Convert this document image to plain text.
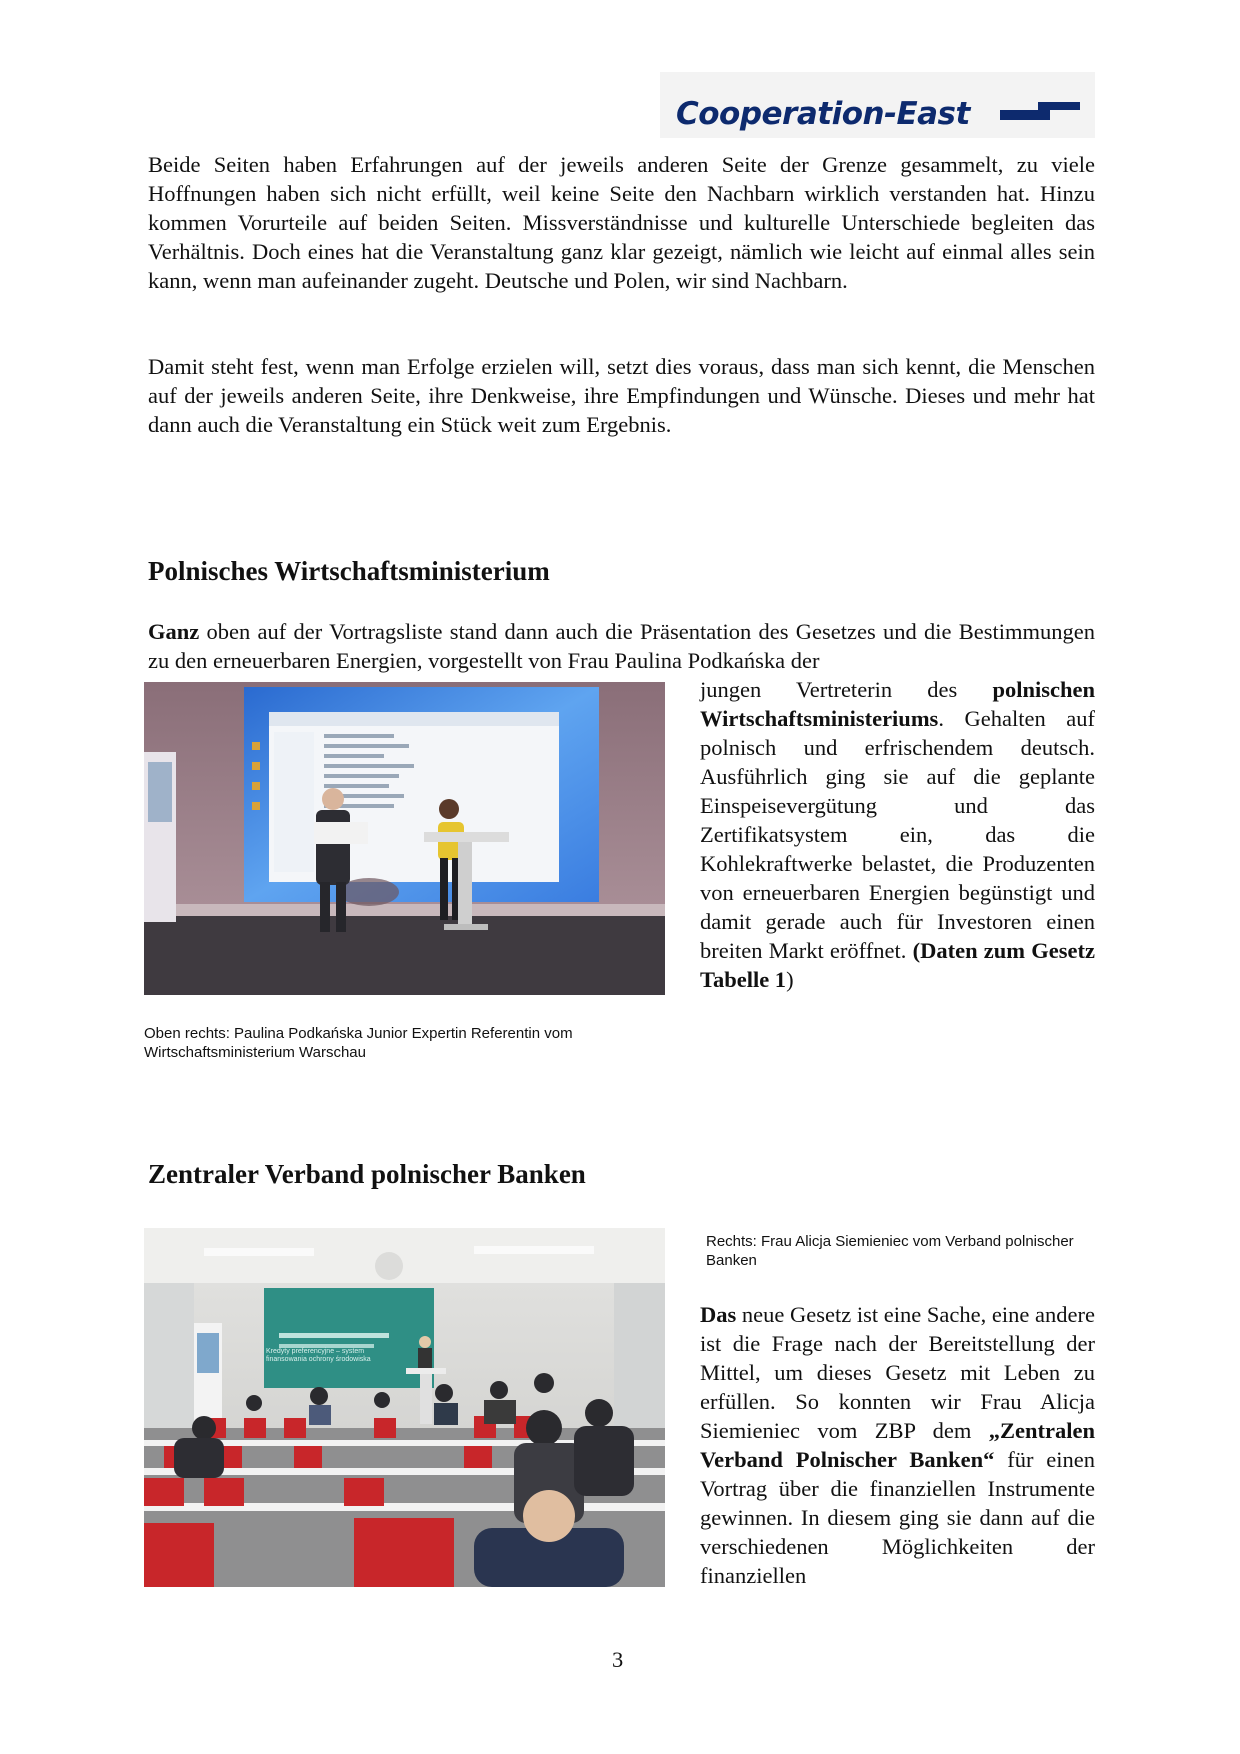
Cooperation-East

Beide Seiten haben Erfahrungen auf der jeweils anderen Seite der Grenze gesammelt, zu viele Hoffnungen haben sich nicht erfüllt, weil keine Seite den Nachbarn wirklich verstanden hat. Hinzu kommen Vorurteile auf beiden Seiten. Missverständnisse und kulturelle Unterschiede begleiten das Verhältnis. Doch eines hat die Veranstaltung ganz klar gezeigt, nämlich wie leicht auf einmal alles sein kann, wenn man aufeinander zugeht. Deutsche und Polen, wir sind Nachbarn.

Damit steht fest, wenn man Erfolge erzielen will, setzt dies voraus, dass man sich kennt, die Menschen auf der jeweils anderen Seite, ihre Denkweise, ihre Empfindungen und Wünsche. Dieses und mehr hat dann auch die Veranstaltung ein Stück weit zum Ergebnis.

Polnisches Wirtschaftsministerium
Ganz oben auf der Vortragsliste stand dann auch die Präsentation des Gesetzes und die Bestimmungen zu den erneuerbaren Energien, vorgestellt von Frau Paulina Podkańska der
jungen Vertreterin des polnischen Wirtschaftsministeriums. Gehalten auf polnisch und erfrischendem deutsch. Ausführlich ging sie auf die geplante Einspeisevergütung und das Zertifikatsystem ein, das die Kohlekraftwerke belastet, die Produzenten von erneuerbaren Energien begünstigt und damit gerade auch für Investoren einen breiten Markt eröffnet. (Daten zum Gesetz Tabelle 1)
Oben rechts: Paulina Podkańska Junior Expertin Referentin vom Wirtschaftsministerium Warschau
Zentraler Verband polnischer Banken
Kredyty preferencyjne – system finansowania ochrony środowiska
Rechts: Frau Alicja Siemieniec vom Verband polnischer Banken
Das neue Gesetz ist eine Sache, eine andere ist die Frage nach der Bereitstellung der Mittel, um dieses Gesetz mit Leben zu erfüllen. So konnten wir Frau Alicja Siemieniec vom ZBP dem „Zentralen Verband Polnischer Banken“ für einen Vortrag über die finanziellen Instrumente gewinnen. In diesem ging sie dann auf die verschiedenen Möglichkeiten der finanziellen
3
